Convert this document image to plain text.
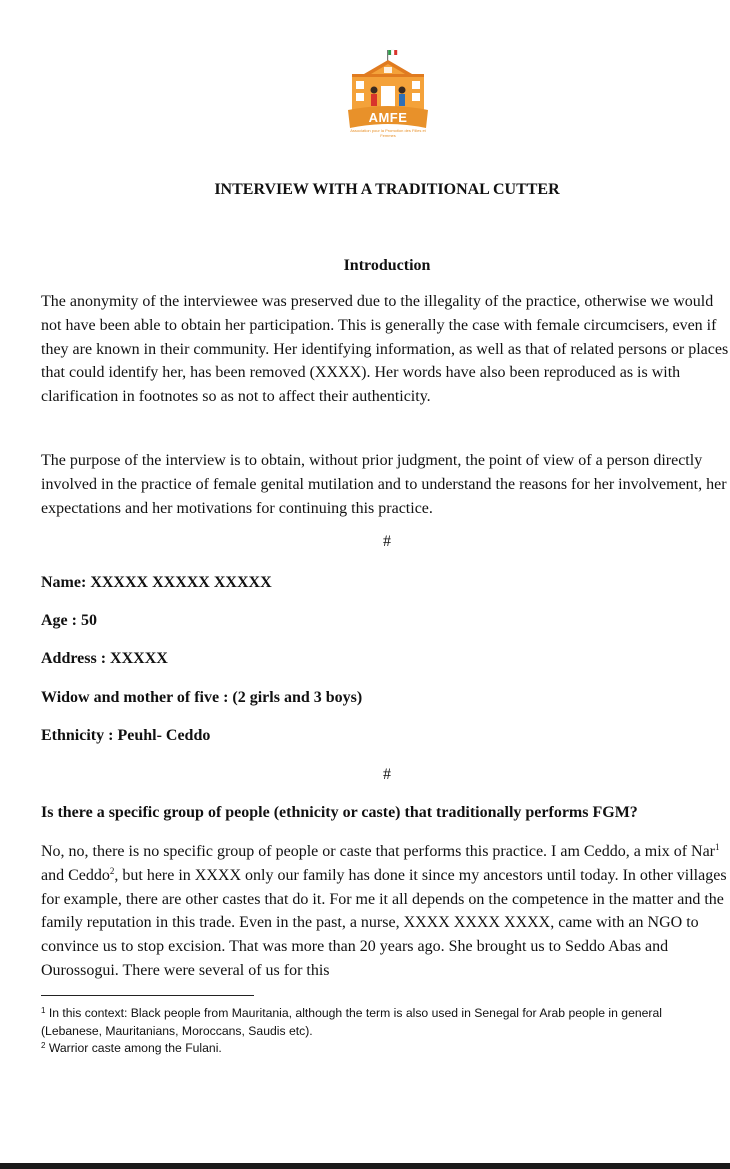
AMFE
Association pour la Promotion des Filles et Femmes
INTERVIEW WITH A TRADITIONAL CUTTER
Introduction

The anonymity of the interviewee was preserved due to the illegality of the practice, otherwise we would not have been able to obtain her participation. This is generally the case with female circumcisers, even if they are known in their community. Her identifying information, as well as that of related persons or places that could identify her, has been removed (XXXX). Her words have also been reproduced as is with clarification in footnotes so as not to affect their authenticity.

The purpose of the interview is to obtain, without prior judgment, the point of view of a person directly involved in the practice of female genital mutilation and to understand the reasons for her involvement, her expectations and her motivations for continuing this practice.

#
Name: XXXXX XXXXX XXXXX
Age : 50
Address : XXXXX
Widow and mother of five : (2 girls and 3 boys)
Ethnicity : Peuhl- Ceddo
#
Is there a specific group of people (ethnicity or caste) that traditionally performs FGM?

No, no, there is no specific group of people or caste that performs this practice. I am Ceddo, a mix of Nar$^1$ and Ceddo$^2$, but here in XXXX only our family has done it since my ancestors until today. In other villages for example, there are other castes that do it. For me it all depends on the competence in the matter and the family reputation in this trade. Even in the past, a nurse, XXXX XXXX XXXX, came with an NGO to convince us to stop excision. That was more than 20 years ago. She brought us to Seddo Abas and Ourossogui. There were several of us for this

$^1$ In this context: Black people from Mauritania, although the term is also used in Senegal for Arab people in general (Lebanese, Mauritanians, Moroccans, Saudis etc).
$^2$ Warrior caste among the Fulani.
